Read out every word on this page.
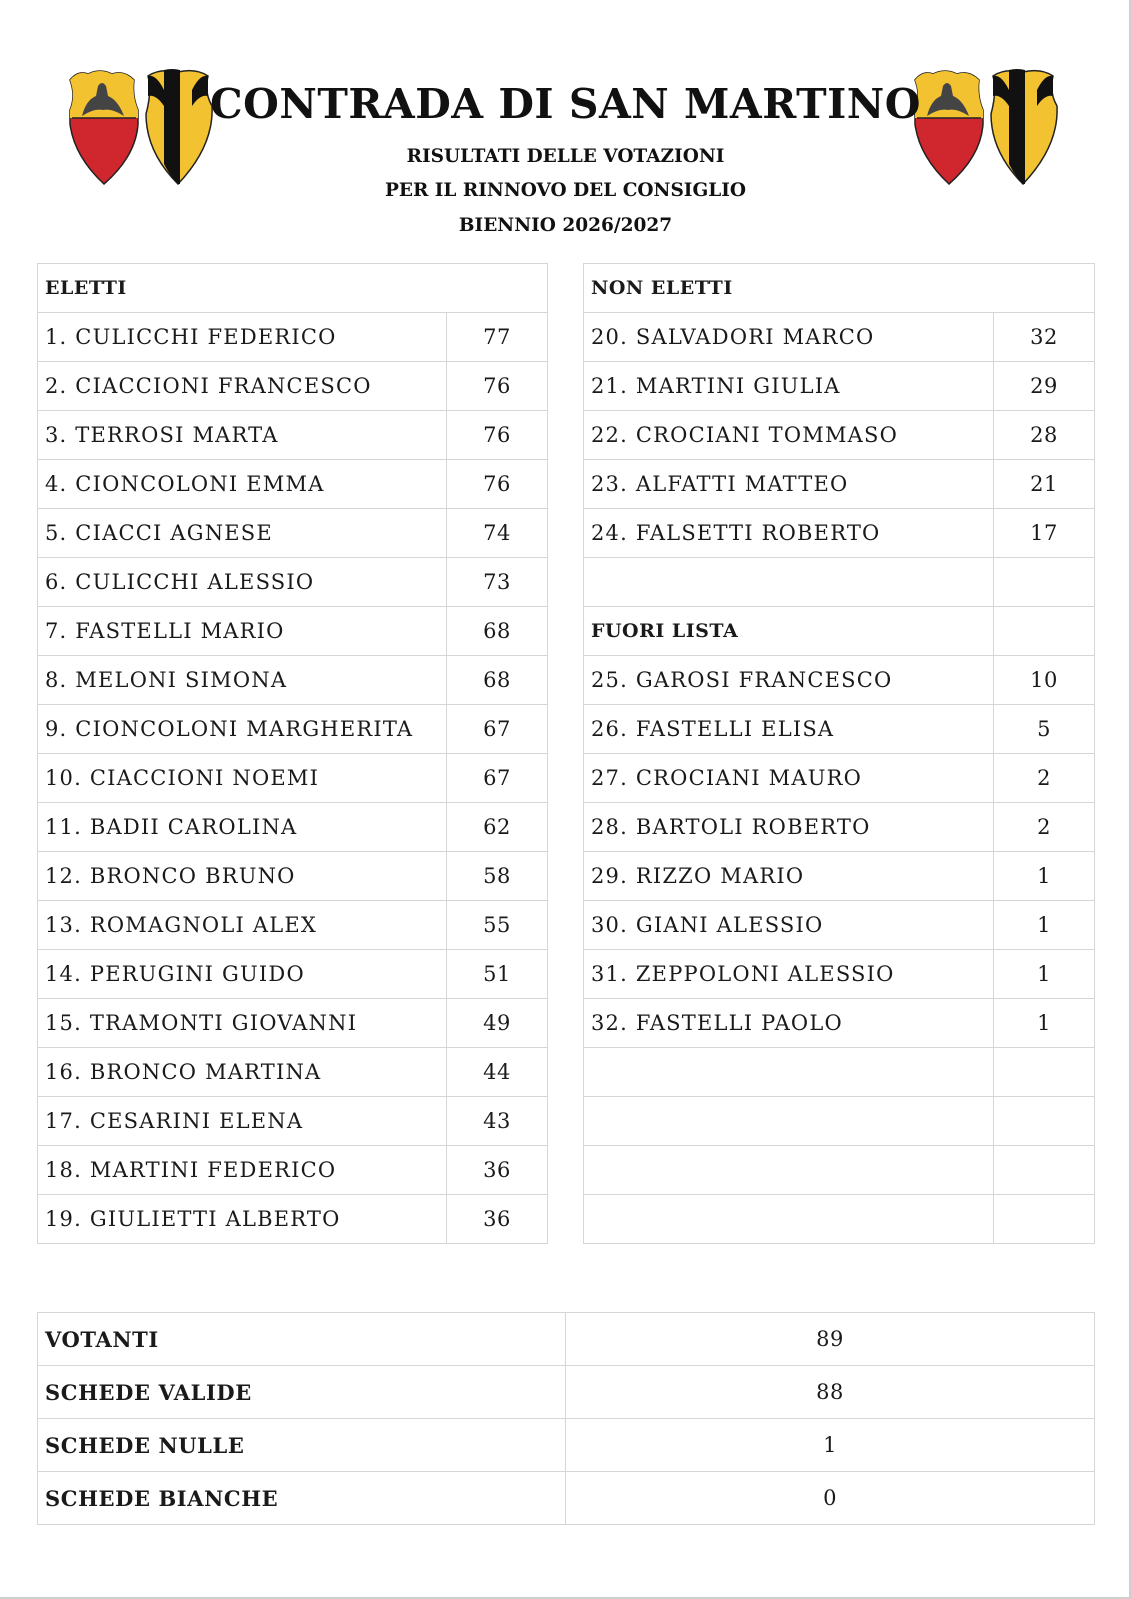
CONTRADA DI SAN MARTINO
RISULTATI DELLE VOTAZIONI
PER IL RINNOVO DEL CONSIGLIO
BIENNIO 2026/2027
ELETTI	
1. CULICCHI FEDERICO	77
2. CIACCIONI FRANCESCO	76
3. TERROSI MARTA	76
4. CIONCOLONI EMMA	76
5. CIACCI AGNESE	74
6. CULICCHI ALESSIO	73
7. FASTELLI MARIO	68
8. MELONI SIMONA	68
9. CIONCOLONI MARGHERITA	67
10. CIACCIONI NOEMI	67
11. BADII CAROLINA	62
12. BRONCO BRUNO	58
13. ROMAGNOLI ALEX	55
14. PERUGINI GUIDO	51
15. TRAMONTI GIOVANNI	49
16. BRONCO MARTINA	44
17. CESARINI ELENA	43
18. MARTINI FEDERICO	36
19. GIULIETTI ALBERTO	36
NON ELETTI	
20. SALVADORI MARCO	32
21. MARTINI GIULIA	29
22. CROCIANI TOMMASO	28
23. ALFATTI MATTEO	21
24. FALSETTI ROBERTO	17

FUORI LISTA	
25. GAROSI FRANCESCO	10
26. FASTELLI ELISA	5
27. CROCIANI MAURO	2
28. BARTOLI ROBERTO	2
29. RIZZO MARIO	1
30. GIANI ALESSIO	1
31. ZEPPOLONI ALESSIO	1
32. FASTELLI PAOLO	1

VOTANTI	89
SCHEDE VALIDE	88
SCHEDE NULLE	1
SCHEDE BIANCHE	0
